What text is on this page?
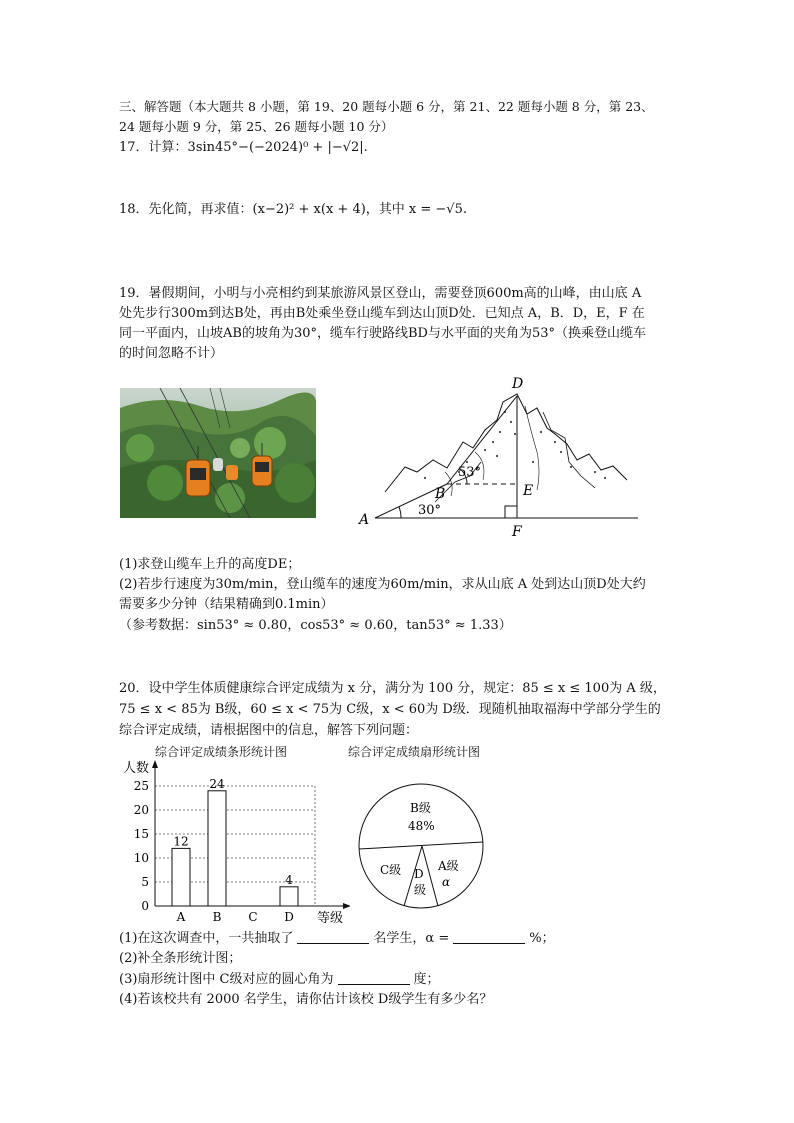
三、解答题（本大题共 8 小题，第 19、20 题每小题 6 分，第 21、22 题每小题 8 分，第 23、
24 题每小题 9 分，第 25、26 题每小题 10 分）
17．计算：3sin45°−(−2024)⁰ + |−√2|.
18．先化简，再求值：(x−2)² + x(x + 4)，其中 x = −√5.
19．暑假期间，小明与小亮相约到某旅游风景区登山，需要登顶600m高的山峰，由山底 A
处先步行300m到达B处，再由B处乘坐登山缆车到达山顶D处．已知点 A，B．D，E，F 在
同一平面内，山坡AB的坡角为30°，缆车行驶路线BD与水平面的夹角为53°（换乘登山缆车
的时间忽略不计）
D
B	E
A
F
53°
30°
(1)求登山缆车上升的高度DE；
(2)若步行速度为30m/min，登山缆车的速度为60m/min，求从山底 A 处到达山顶D处大约
需要多少分钟（结果精确到0.1min）
（参考数据：sin53° ≈ 0.80，cos53° ≈ 0.60，tan53° ≈ 1.33）
20．设中学生体质健康综合评定成绩为 x 分，满分为 100 分，规定：85 ≤ x ≤ 100为 A 级，
75 ≤ x < 85为 B级，60 ≤ x < 75为 C级，x < 60为 D级．现随机抽取福海中学部分学生的
综合评定成绩，请根据图中的信息，解答下列问题：
综合评定成绩条形统计图	综合评定成绩扇形统计图
0
5
10
15
20
25
12
24
4
A B C D
人数
等级
B级
48%
C级 D
级
A级
α
(1)在这次调查中，一共抽取了	名学生，α =	%；
(2)补全条形统计图；
(3)扇形统计图中 C级对应的圆心角为	度；
(4)若该校共有 2000 名学生，请你估计该校 D级学生有多少名？
